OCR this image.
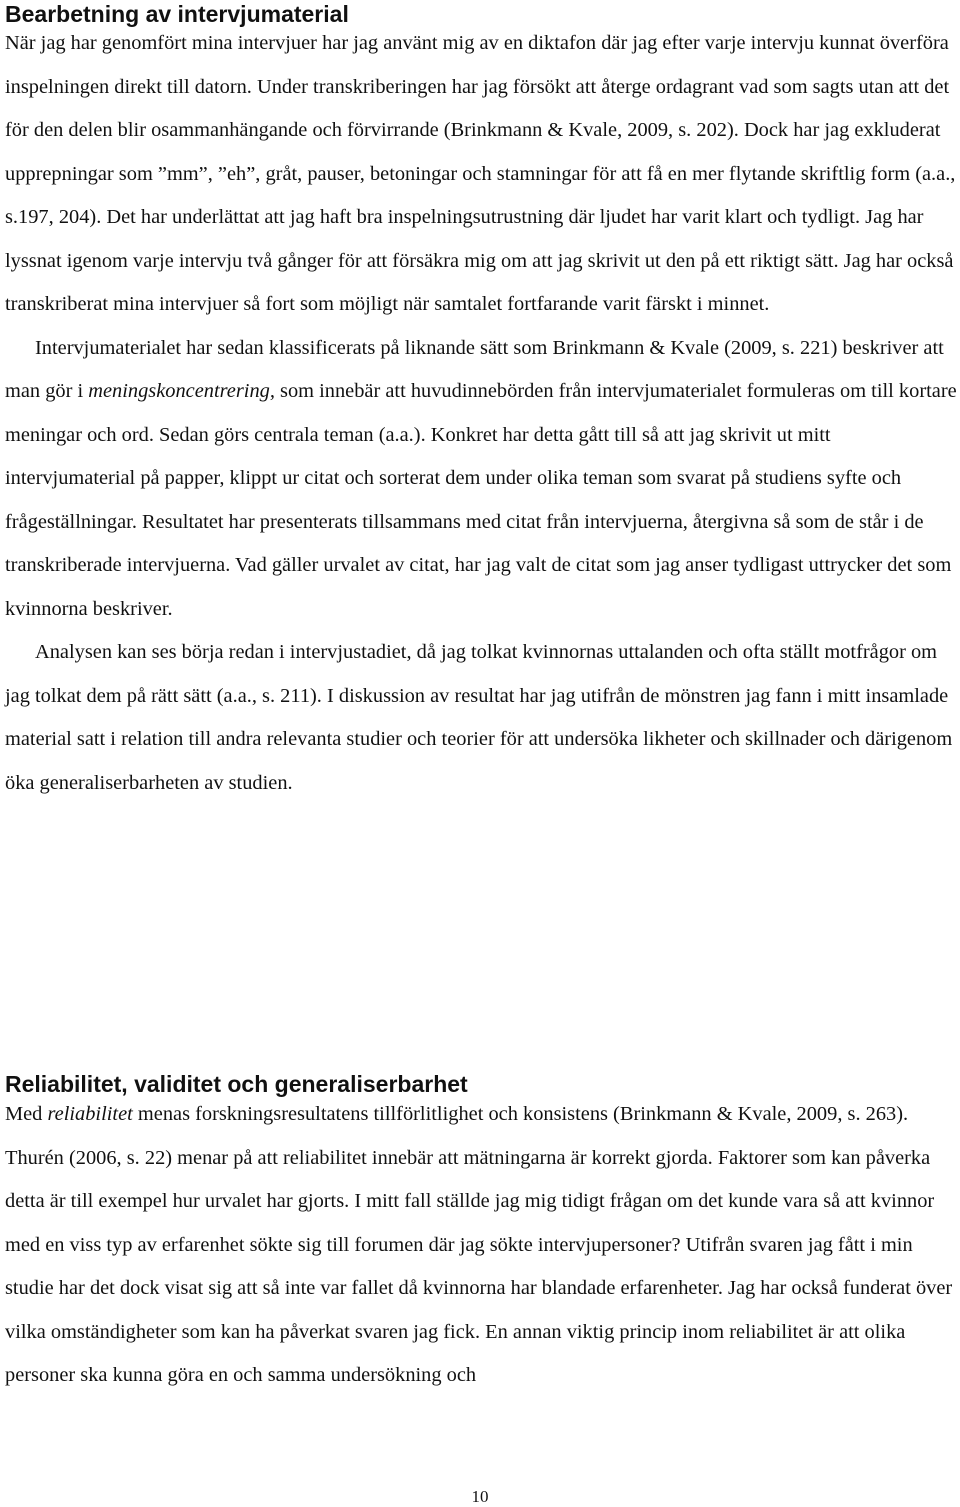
Bearbetning av intervjumaterial

När jag har genomfört mina intervjuer har jag använt mig av en diktafon där jag efter varje intervju kunnat överföra inspelningen direkt till datorn. Under transkriberingen har jag försökt att återge ordagrant vad som sagts utan att det för den delen blir osammanhängande och förvirrande (Brinkmann & Kvale, 2009, s. 202). Dock har jag exkluderat upprepningar som ”mm”, ”eh”, gråt, pauser, betoningar och stamningar för att få en mer flytande skriftlig form (a.a., s.197, 204). Det har underlättat att jag haft bra inspelningsutrustning där ljudet har varit klart och tydligt. Jag har lyssnat igenom varje intervju två gånger för att försäkra mig om att jag skrivit ut den på ett riktigt sätt. Jag har också transkriberat mina intervjuer så fort som möjligt när samtalet fortfarande varit färskt i minnet.

Intervjumaterialet har sedan klassificerats på liknande sätt som Brinkmann & Kvale (2009, s. 221) beskriver att man gör i meningskoncentrering, som innebär att huvudinnebörden från intervjumaterialet formuleras om till kortare meningar och ord. Sedan görs centrala teman (a.a.). Konkret har detta gått till så att jag skrivit ut mitt intervjumaterial på papper, klippt ur citat och sorterat dem under olika teman som svarat på studiens syfte och frågeställningar. Resultatet har presenterats tillsammans med citat från intervjuerna, återgivna så som de står i de transkriberade intervjuerna. Vad gäller urvalet av citat, har jag valt de citat som jag anser tydligast uttrycker det som kvinnorna beskriver.

Analysen kan ses börja redan i intervjustadiet, då jag tolkat kvinnornas uttalanden och ofta ställt motfrågor om jag tolkat dem på rätt sätt (a.a., s. 211). I diskussion av resultat har jag utifrån de mönstren jag fann i mitt insamlade material satt i relation till andra relevanta studier och teorier för att undersöka likheter och skillnader och därigenom öka generaliserbarheten av studien.

Reliabilitet, validitet och generaliserbarhet

Med reliabilitet menas forskningsresultatens tillförlitlighet och konsistens (Brinkmann & Kvale, 2009, s. 263). Thurén (2006, s. 22) menar på att reliabilitet innebär att mätningarna är korrekt gjorda. Faktorer som kan påverka detta är till exempel hur urvalet har gjorts. I mitt fall ställde jag mig tidigt frågan om det kunde vara så att kvinnor med en viss typ av erfarenhet sökte sig till forumen där jag sökte intervjupersoner? Utifrån svaren jag fått i min studie har det dock visat sig att så inte var fallet då kvinnorna har blandade erfarenheter. Jag har också funderat över vilka omständigheter som kan ha påverkat svaren jag fick. En annan viktig princip inom reliabilitet är att olika personer ska kunna göra en och samma undersökning och

10
